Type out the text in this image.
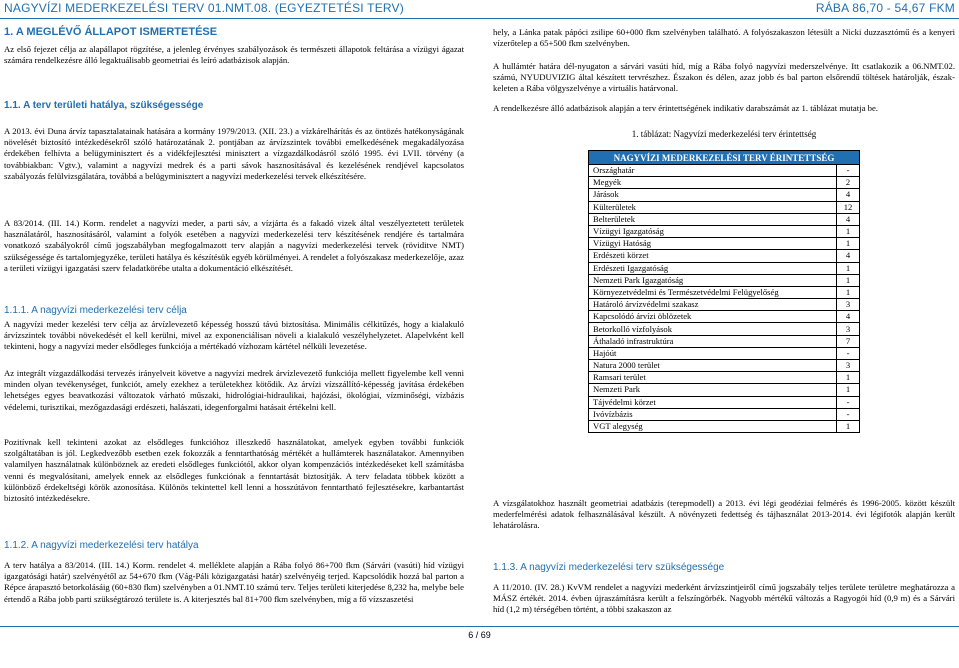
NAGYVÍZI MEDERKEZELÉSI TERV 01.NMT.08. (EGYEZTETÉSI TERV)	RÁBA 86,70 - 54,67 FKM
1. A MEGLÉVŐ ÁLLAPOT ISMERTETÉSE

Az első fejezet célja az alapállapot rögzítése, a jelenleg érvényes szabályozások és természeti állapotok feltárása a vízügyi ágazat számára rendelkezésre álló legaktuálisabb geometriai és leíró adatbázisok alapján.

1.1. A terv területi hatálya, szükségessége

A 2013. évi Duna árvíz tapasztalatainak hatására a kormány 1979/2013. (XII. 23.) a vízkárelhárítás és az öntözés hatékonyságának növelését biztosító intézkedésekről szóló határozatának 2. pontjában az árvízszintek további emelkedésének megakadályozása érdekében felhívta a belügyminisztert és a vidékfejlesztési minisztert a vízgazdálkodásról szóló 1995. évi LVII. törvény (a továbbiakban: Vgtv.), valamint a nagyvízi medrek és a parti sávok hasznosításával és kezelésének rendjével kapcsolatos szabályozás felülvizsgálatára, továbbá a belügyminisztert a nagyvízi mederkezelési tervek elkészítésére.

A 83/2014. (III. 14.) Korm. rendelet a nagyvízi meder, a parti sáv, a vízjárta és a fakadó vizek által veszélyeztetett területek használatáról, hasznosításáról, valamint a folyók esetében a nagyvízi mederkezelési terv készítésének rendjére és tartalmára vonatkozó szabályokról című jogszabályban megfogalmazott terv alapján a nagyvízi mederkezelési tervek (röviditve NMT) szükségessége és tartalomjegyzéke, területi hatálya és készítésük egyéb körülményei. A rendelet a folyószakasz mederkezelője, azaz a területi vízügyi igazgatási szerv feladatkörébe utalta a dokumentáció elkészítését.

1.1.1. A nagyvízi mederkezelési terv célja

A nagyvízi meder kezelési terv célja az árvízlevezető képesség hosszú távú biztosítása. Minimális célkitűzés, hogy a kialakuló árvízszintek további növekedését el kell kerülni, mivel az exponenciálisan növeli a kialakuló veszélyhelyzetet. Alapelvként kell tekinteni, hogy a nagyvízi meder elsődleges funkciója a mértékadó vízhozam kártétel nélküli levezetése.

Az integrált vízgazdálkodási tervezés irányelveit követve a nagyvízi medrek árvízlevezető funkciója mellett figyelembe kell venni minden olyan tevékenységet, funkciót, amely ezekhez a területekhez kötődik. Az árvízi vízszállító-képesség javítása érdekében lehetséges egyes beavatkozási változatok várható műszaki, hidrológiai-hidraulikai, hajózási, ökológiai, vízminőségi, vízbázis védelemi, turisztikai, mezőgazdasági erdészeti, halászati, idegenforgalmi hatásait értékelni kell.

Pozitívnak kell tekinteni azokat az elsődleges funkcióhoz illeszkedő használatokat, amelyek egyben további funkciók szolgáltatában is jól. Legkedvezőbb esetben ezek fokozzák a fenntarthatóság mértékét a hullámterek használatakor. Amennyiben valamilyen használatnak különböznek az eredeti elsődleges funkciótól, akkor olyan kompenzációs intézkedéseket kell számításba venni és megvalósítani, amelyek ennek az elsődleges funkciónak a fenntartását biztosítják. A terv feladata többek között a különböző érdekeltségi körök azonosítása. Különös tekintettel kell lenni a hosszútávon fenntartható fejlesztésekre, karbantartást biztosító intézkedésekre.

1.1.2. A nagyvízi mederkezelési terv hatálya

A terv hatálya a 83/2014. (III. 14.) Korm. rendelet 4. melléklete alapján a Rába folyó 86+700 fkm (Sárvári (vasúti) híd vízügyi igazgatósági határ) szelvényétől az 54+670 fkm (Vág-Páli közigazgatási határ) szelvényéig terjed. Kapcsolódik hozzá bal parton a Répce árapasztó betorkolásáig (60+830 fkm) szelvényben a 01.NMT.10 számú terv. Teljes területi kiterjedése 8,232 ha, melybe bele értendő a Rába jobb parti szükségtározó területe is. A kiterjesztés bal 81+700 fkm szelvényben, míg a fő vízszaszetési

hely, a Lánka patak pápóci zsilipe 60+000 fkm szelvényben található. A folyószakaszon létesült a Nicki duzzasztómű és a kenyeri vízerőtelep a 65+500 fkm szelvényben.

A hullámtér határa dél-nyugaton a sárvári vasúti híd, míg a Rába folyó nagyvízi mederszelvénye. Itt csatlakozik a 06.NMT.02. számú, NYUDUVIZIG által készített tervrészhez. Északon és délen, azaz jobb és bal parton elsőrendű töltések határolják, észak-keleten a Rába völgyszelvénye a virtuális határvonal.

A rendelkezésre álló adatbázisok alapján a terv érintettségének indikatív darabszámát az 1. táblázat mutatja be.

1. táblázat: Nagyvízi mederkezelési terv érintettség
NAGYVÍZI MEDERKEZELÉSI TERV ÉRINTETTSÉG	
Országhatár	-
Megyék	2
Járások	4
Külterületek	12
Belterületek	4
Vízügyi Igazgatóság	1
Vízügyi Hatóság	1
Erdészeti körzet	4
Erdészeti Igazgatóság	1
Nemzeti Park Igazgatóság	1
Környezetvédelmi és Természetvédelmi Felügyelőség	1
Határoló árvízvédelmi szakasz	3
Kapcsolódó árvízi öblözetek	4
Betorkolló vízfolyások	3
Áthaladó infrastruktúra	7
Hajóút	-
Natura 2000 terület	3
Ramsari terület	1
Nemzeti Park	1
Tájvédelmi körzet	-
Ivóvízbázis	-
VGT alegység	1

A vízsgálatokhoz használt geometriai adatbázis (terepmodell) a 2013. évi légi geodéziai felmérés és 1996-2005. között készült mederfelmérési adatok felhasználásával készült. A növényzeti fedettség és tájhasználat 2013-2014. évi légifotók alapján került lehatárolásra.

1.1.3. A nagyvízi mederkezelési terv szükségessége

A 11/2010. (IV. 28.) KvVM rendelet a nagyvízi mederként árvízszintjeiről című jogszabály teljes területe területre meghatározza a MÁSZ értékét. 2014. évben újraszámításra került a felszíngörbék. Nagyobb mértékű változás a Ragyogói híd (0,9 m) és a Sárvári híd (1,2 m) térségében történt, a többi szakaszon az

6 / 69
